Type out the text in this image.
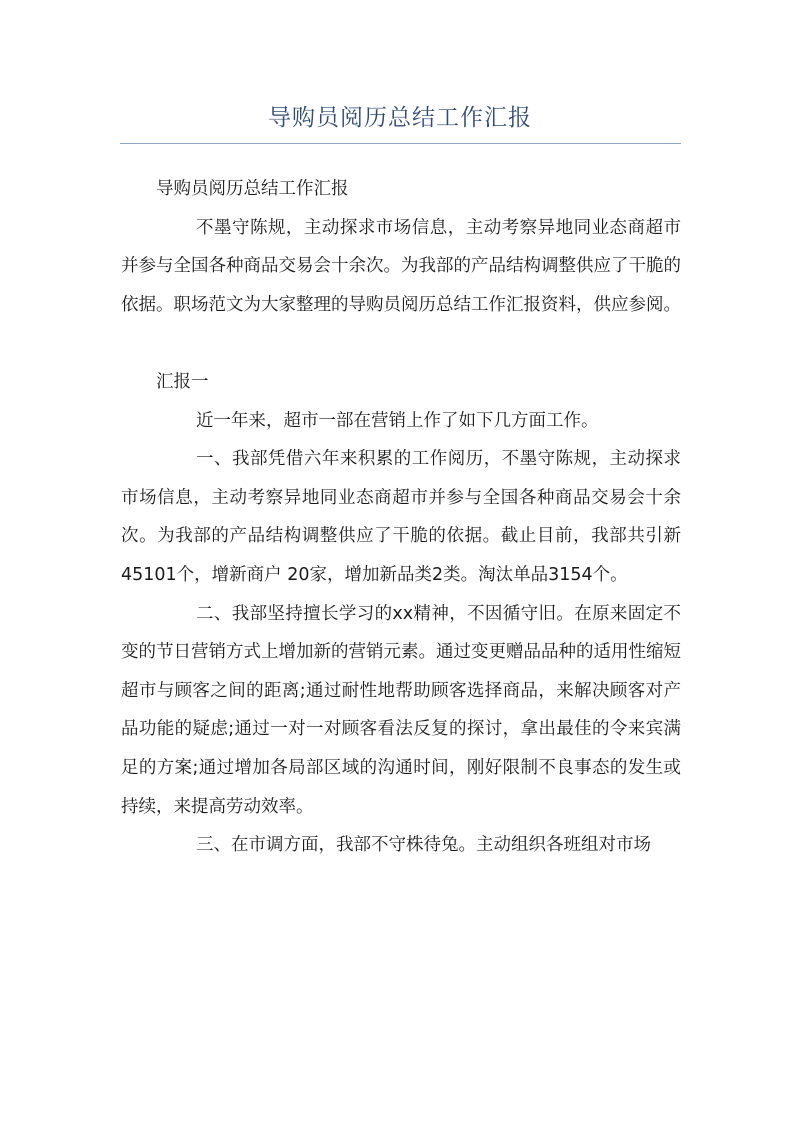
导购员阅历总结工作汇报

导购员阅历总结工作汇报

不墨守陈规，主动探求市场信息，主动考察异地同业态商超市并参与全国各种商品交易会十余次。为我部的产品结构调整供应了干脆的依据。职场范文为大家整理的导购员阅历总结工作汇报资料，供应参阅。

汇报一

近一年来，超市一部在营销上作了如下几方面工作。

一、我部凭借六年来积累的工作阅历，不墨守陈规，主动探求市场信息，主动考察异地同业态商超市并参与全国各种商品交易会十余次。为我部的产品结构调整供应了干脆的依据。截止目前，我部共引新 45101个，增新商户 20家，增加新品类2类。淘汰单品3154个。

二、我部坚持擅长学习的xx精神，不因循守旧。在原来固定不变的节日营销方式上增加新的营销元素。通过变更赠品品种的适用性缩短超市与顾客之间的距离;通过耐性地帮助顾客选择商品，来解决顾客对产品功能的疑虑;通过一对一对顾客看法反复的探讨，拿出最佳的令来宾满足的方案;通过增加各局部区域的沟通时间，刚好限制不良事态的发生或持续，来提高劳动效率。

三、在市调方面，我部不守株待兔。主动组织各班组对市场
